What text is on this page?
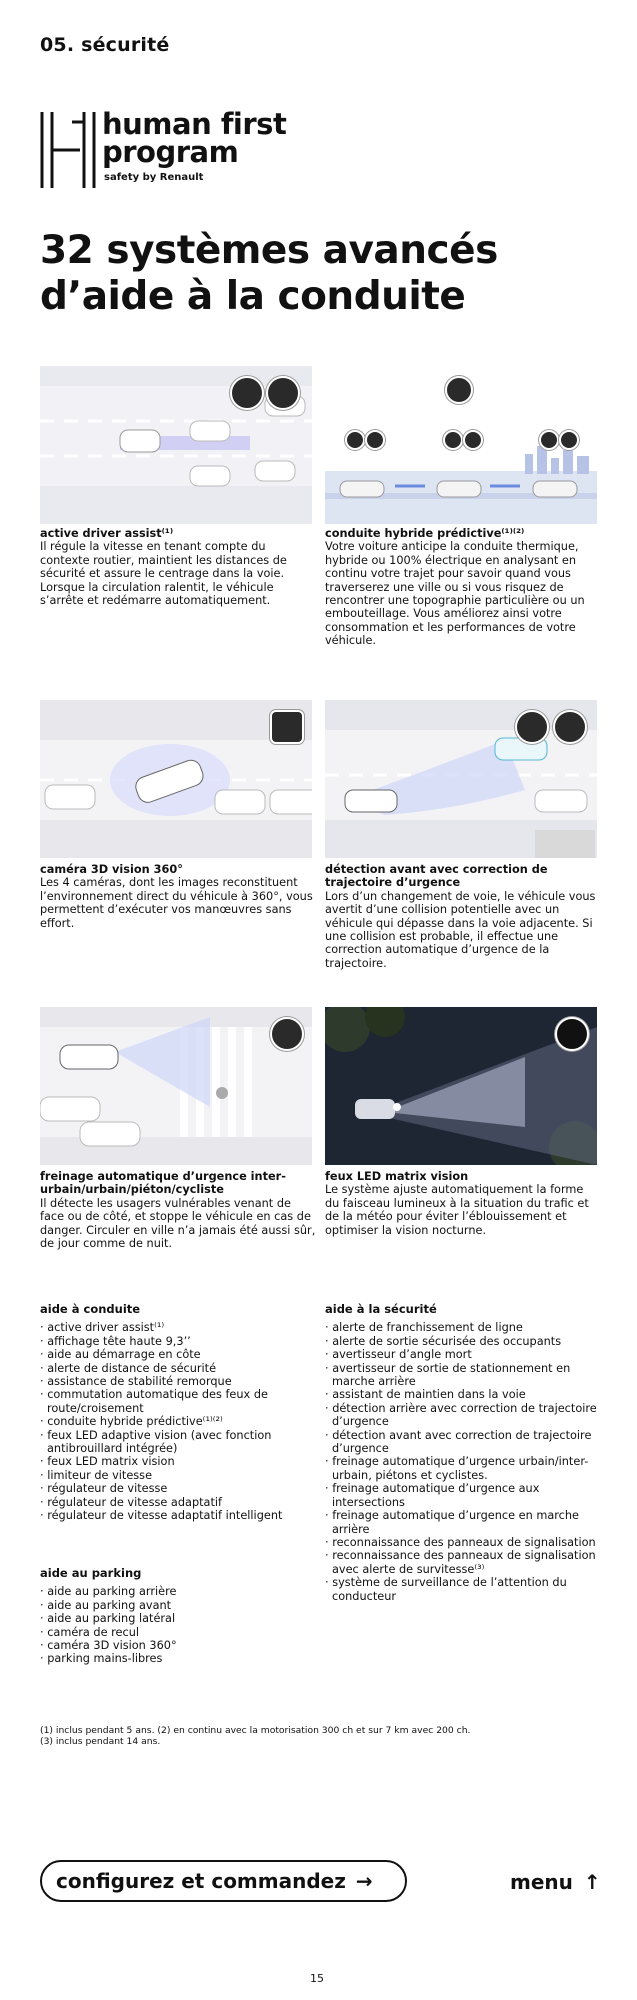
05. sécurité
human first
program
safety by Renault
32 systèmes avancés
d’aide à la conduite
active driver assist⁽¹⁾
Il régule la vitesse en tenant compte du contexte routier, maintient les distances de sécurité et assure le centrage dans la voie. Lorsque la circulation ralentit, le véhicule s’arrête et redémarre automatiquement.
conduite hybride prédictive⁽¹⁾⁽²⁾
Votre voiture anticipe la conduite thermique, hybride ou 100% électrique en analysant en continu votre trajet pour savoir quand vous traverserez une ville ou si vous risquez de rencontrer une topographie particulière ou un embouteillage. Vous améliorez ainsi votre consommation et les performances de votre véhicule.
caméra 3D vision 360°
Les 4 caméras, dont les images reconstituent l’environnement direct du véhicule à 360°, vous permettent d’exécuter vos manœuvres sans effort.
détection avant avec correction de trajectoire d’urgence
Lors d’un changement de voie, le véhicule vous avertit d’une collision potentielle avec un véhicule qui dépasse dans la voie adjacente. Si une collision est probable, il effectue une correction automatique d’urgence de la trajectoire.
freinage automatique d’urgence inter-urbain/urbain/piéton/cycliste
Il détecte les usagers vulnérables venant de face ou de côté, et stoppe le véhicule en cas de danger. Circuler en ville n’a jamais été aussi sûr, de jour comme de nuit.
feux LED matrix vision
Le système ajuste automatiquement la forme du faisceau lumineux à la situation du trafic et de la météo pour éviter l’éblouissement et optimiser la vision nocturne.
aide à conduite
· active driver assist⁽¹⁾
· affichage tête haute 9,3’’
· aide au démarrage en côte
· alerte de distance de sécurité
· assistance de stabilité remorque
· commutation automatique des feux de route/croisement
· conduite hybride prédictive⁽¹⁾⁽²⁾
· feux LED adaptive vision (avec fonction antibrouillard intégrée)
· feux LED matrix vision
· limiteur de vitesse
· régulateur de vitesse
· régulateur de vitesse adaptatif
· régulateur de vitesse adaptatif intelligent
aide au parking
· aide au parking arrière
· aide au parking avant
· aide au parking latéral
· caméra de recul
· caméra 3D vision 360°
· parking mains-libres
aide à la sécurité
· alerte de franchissement de ligne
· alerte de sortie sécurisée des occupants
· avertisseur d’angle mort
· avertisseur de sortie de stationnement en marche arrière
· assistant de maintien dans la voie
· détection arrière avec correction de trajectoire d’urgence
· détection avant avec correction de trajectoire d’urgence
· freinage automatique d’urgence urbain/inter-urbain, piétons et cyclistes.
· freinage automatique d’urgence aux intersections
· freinage automatique d’urgence en marche arrière
· reconnaissance des panneaux de signalisation
· reconnaissance des panneaux de signalisation avec alerte de survitesse⁽³⁾
· système de surveillance de l’attention du conducteur
(1) inclus pendant 5 ans. (2) en continu avec la motorisation 300 ch et sur 7 km avec 200 ch.
(3) inclus pendant 14 ans.
configurez et commandez →	menu ↑
15
